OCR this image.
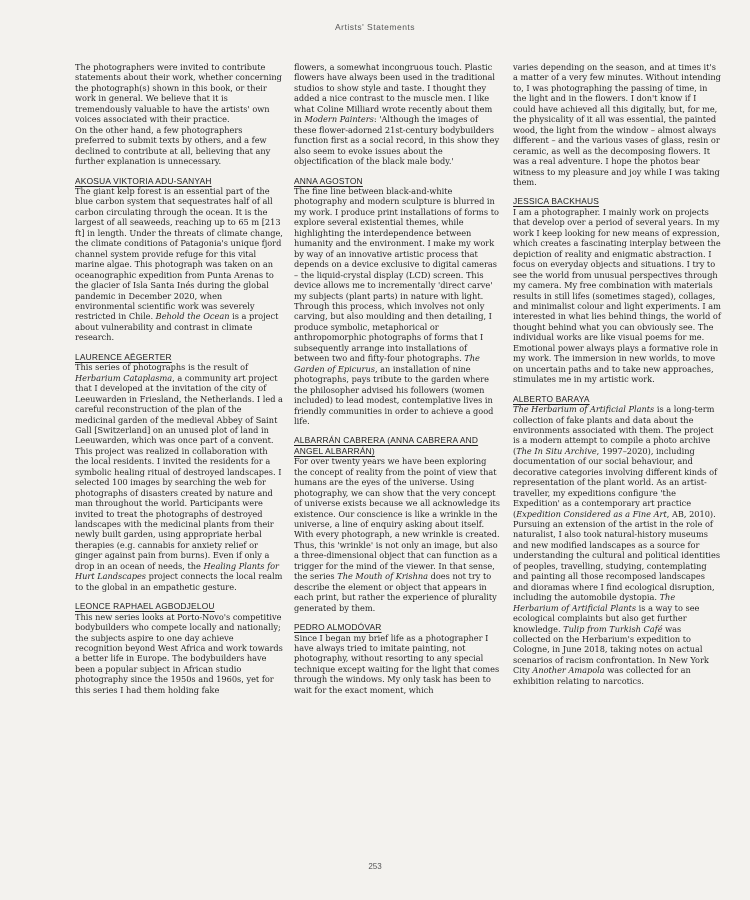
Artists' Statements

The photographers were invited to contribute statements about their work, whether concerning the photograph(s) shown in this book, or their work in general. We believe that it is tremendously valuable to have the artists' own voices associated with their practice.

On the other hand, a few photographers preferred to submit texts by others, and a few declined to contribute at all, believing that any further explanation is unnecessary.

AKOSUA VIKTORIA ADU-SANYAH
The giant kelp forest is an essential part of the blue carbon system that sequestrates half of all carbon circulating through the ocean. It is the largest of all seaweeds, reaching up to 65 m [213 ft] in length. Under the threats of climate change, the climate conditions of Patagonia's unique fjord channel system provide refuge for this vital marine algae. This photograph was taken on an oceanographic expedition from Punta Arenas to the glacier of Isla Santa Inés during the global pandemic in December 2020, when environmental scientific work was severely restricted in Chile. Behold the Ocean is a project about vulnerability and contrast in climate research.
LAURENCE AËGERTER
This series of photographs is the result of Herbarium Cataplasma, a community art project that I developed at the invitation of the city of Leeuwarden in Friesland, the Netherlands. I led a careful reconstruction of the plan of the medicinal garden of the medieval Abbey of Saint Gall [Switzerland] on an unused plot of land in Leeuwarden, which was once part of a convent. This project was realized in collaboration with the local residents. I invited the residents for a symbolic healing ritual of destroyed landscapes. I selected 100 images by searching the web for photographs of disasters created by nature and man throughout the world. Participants were invited to treat the photographs of destroyed landscapes with the medicinal plants from their newly built garden, using appropriate herbal therapies (e.g. cannabis for anxiety relief or ginger against pain from burns). Even if only a drop in an ocean of needs, the Healing Plants for Hurt Landscapes project connects the local realm to the global in an empathetic gesture.
LEONCE RAPHAEL AGBODJELOU
This new series looks at Porto-Novo's competitive bodybuilders who compete locally and nationally; the subjects aspire to one day achieve recognition beyond West Africa and work towards a better life in Europe. The bodybuilders have been a popular subject in African studio photography since the 1950s and 1960s, yet for this series I had them holding fake

flowers, a somewhat incongruous touch. Plastic flowers have always been used in the traditional studios to show style and taste. I thought they added a nice contrast to the muscle men. I like what Coline Milliard wrote recently about them in Modern Painters: 'Although the images of these flower-adorned 21st-century bodybuilders function first as a social record, in this show they also seem to evoke issues about the objectification of the black male body.'

ANNA AGOSTON
The fine line between black-and-white photography and modern sculpture is blurred in my work. I produce print installations of forms to explore several existential themes, while highlighting the interdependence between humanity and the environment. I make my work by way of an innovative artistic process that depends on a device exclusive to digital cameras – the liquid-crystal display (LCD) screen. This device allows me to incrementally 'direct carve' my subjects (plant parts) in nature with light. Through this process, which involves not only carving, but also moulding and then detailing, I produce symbolic, metaphorical or anthropomorphic photographs of forms that I subsequently arrange into installations of between two and fifty-four photographs. The Garden of Epicurus, an installation of nine photographs, pays tribute to the garden where the philosopher advised his followers (women included) to lead modest, contemplative lives in friendly communities in order to achieve a good life.
ALBARRÁN CABRERA (ANNA CABRERA AND ANGEL ALBARRÁN)
For over twenty years we have been exploring the concept of reality from the point of view that humans are the eyes of the universe. Using photography, we can show that the very concept of universe exists because we all acknowledge its existence. Our conscience is like a wrinkle in the universe, a line of enquiry asking about itself. With every photograph, a new wrinkle is created. Thus, this 'wrinkle' is not only an image, but also a three-dimensional object that can function as a trigger for the mind of the viewer. In that sense, the series The Mouth of Krishna does not try to describe the element or object that appears in each print, but rather the experience of plurality generated by them.
PEDRO ALMODÓVAR
Since I began my brief life as a photographer I have always tried to imitate painting, not photography, without resorting to any special technique except waiting for the light that comes through the windows. My only task has been to wait for the exact moment, which

varies depending on the season, and at times it's a matter of a very few minutes. Without intending to, I was photographing the passing of time, in the light and in the flowers. I don't know if I could have achieved all this digitally, but, for me, the physicality of it all was essential, the painted wood, the light from the window – almost always different – and the various vases of glass, resin or ceramic, as well as the decomposing flowers. It was a real adventure. I hope the photos bear witness to my pleasure and joy while I was taking them.

JESSICA BACKHAUS
I am a photographer. I mainly work on projects that develop over a period of several years. In my work I keep looking for new means of expression, which creates a fascinating interplay between the depiction of reality and enigmatic abstraction. I focus on everyday objects and situations. I try to see the world from unusual perspectives through my camera. My free combination with materials results in still lifes (sometimes staged), collages, and minimalist colour and light experiments. I am interested in what lies behind things, the world of thought behind what you can obviously see. The individual works are like visual poems for me. Emotional power always plays a formative role in my work. The immersion in new worlds, to move on uncertain paths and to take new approaches, stimulates me in my artistic work.
ALBERTO BARAYA
The Herbarium of Artificial Plants is a long-term collection of fake plants and data about the environments associated with them. The project is a modern attempt to compile a photo archive (The In Situ Archive, 1997–2020), including documentation of our social behaviour, and decorative categories involving different kinds of representation of the plant world. As an artist-traveller, my expeditions configure 'the Expedition' as a contemporary art practice (Expedition Considered as a Fine Art, AB, 2010). Pursuing an extension of the artist in the role of naturalist, I also took natural-history museums and new modified landscapes as a source for understanding the cultural and political identities of peoples, travelling, studying, contemplating and painting all those recomposed landscapes and dioramas where I find ecological disruption, including the automobile dystopia. The Herbarium of Artificial Plants is a way to see ecological complaints but also get further knowledge. Tulip from Turkish Café was collected on the Herbarium's expedition to Cologne, in June 2018, taking notes on actual scenarios of racism confrontation. In New York City Another Amapola was collected for an exhibition relating to narcotics.
253
